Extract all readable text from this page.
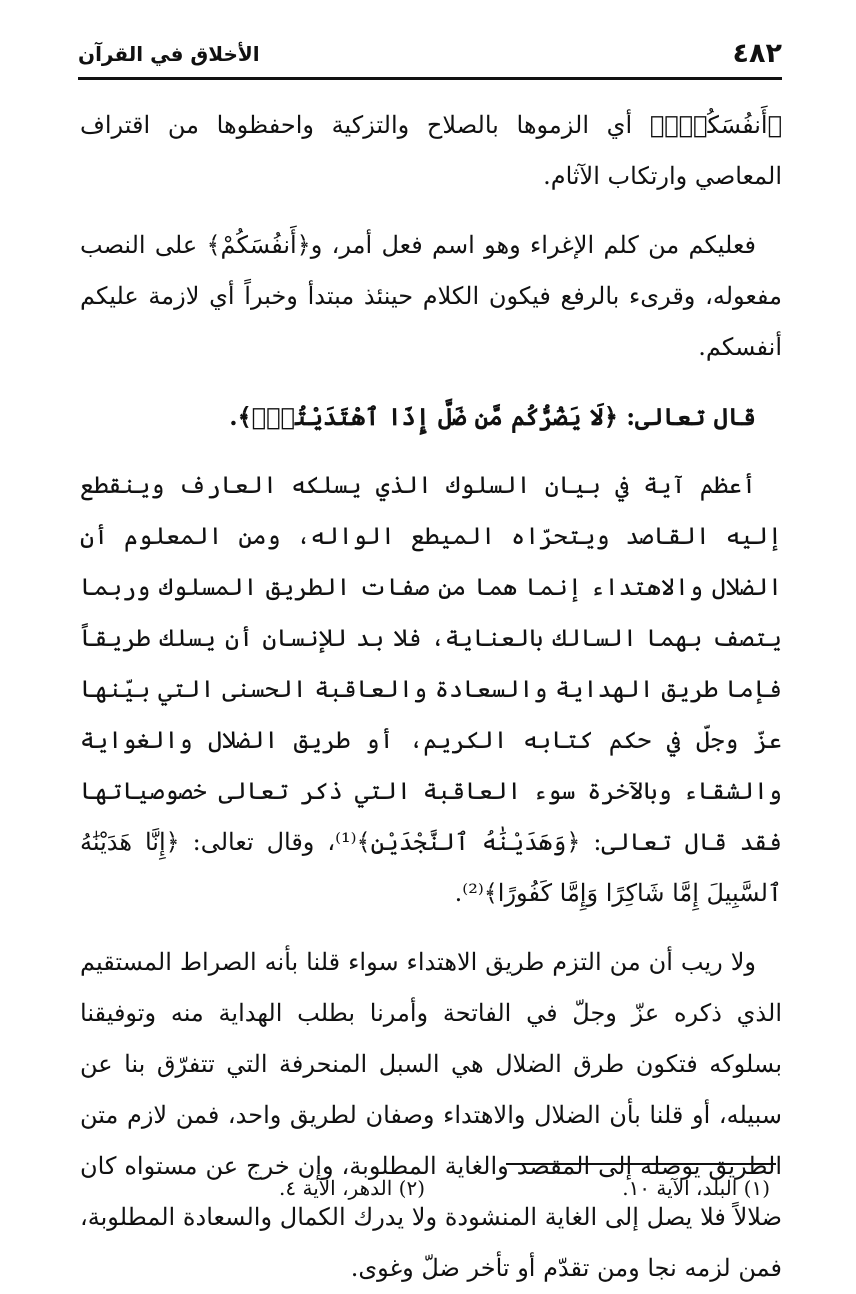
٤٨٢
الأخلاق في القرآن

﴿أَنفُسَكُمْۖ﴾ أي الزموها بالصلاح والتزكية واحفظوها من اقتراف المعاصي وارتكاب الآثام.

فعليكم من كلم الإغراء وهو اسم فعل أمر، و﴿أَنفُسَكُمْ﴾ على النصب مفعوله، وقرىء بالرفع فيكون الكلام حينئذ مبتدأ وخبراً أي لازمة عليكم أنفسكم.

قال تعالى: ﴿لَا يَضُرُّكُم مَّن ضَلَّ إِذَا ٱهْتَدَيْتُمْۚ﴾.

أعظم آية في بيان السلوك الذي يسلكه العارف وينقطع إليه القاصد ويتحرّاه الميطع الواله، ومن المعلوم أن الضلال والاهتداء إنما هما من صفات الطريق المسلوك وربما يتصف بهما السالك بالعناية، فلا بد للإنسان أن يسلك طريقاً فإما طريق الهداية والسعادة والعاقبة الحسنى التي بيّنها عزّ وجلّ في حكم كتابه الكريم، أو طريق الضلال والغواية والشقاء وبالآخرة سوء العاقبة التي ذكر تعالى خصوصياتها فقد قال تعالى: ﴿وَهَدَيْنَٰهُ ٱلنَّجْدَيْنِ﴾⁽¹⁾، وقال تعالى: ﴿إِنَّا هَدَيْنَٰهُ ٱلسَّبِيلَ إِمَّا شَاكِرًا وَإِمَّا كَفُورًا﴾⁽²⁾.

ولا ريب أن من التزم طريق الاهتداء سواء قلنا بأنه الصراط المستقيم الذي ذكره عزّ وجلّ في الفاتحة وأمرنا بطلب الهداية منه وتوفيقنا بسلوكه فتكون طرق الضلال هي السبل المنحرفة التي تتفرّق بنا عن سبيله، أو قلنا بأن الضلال والاهتداء وصفان لطريق واحد، فمن لازم متن الطريق يوصله إلى المقصد والغاية المطلوبة، وإن خرج عن مستواه كان ضلالاً فلا يصل إلى الغاية المنشودة ولا يدرك الكمال والسعادة المطلوبة، فمن لزمه نجا ومن تقدّم أو تأخر ضلّ وغوى.

(١) البلد، الآية ١٠.
(٢) الدهر، الآية ٤.
